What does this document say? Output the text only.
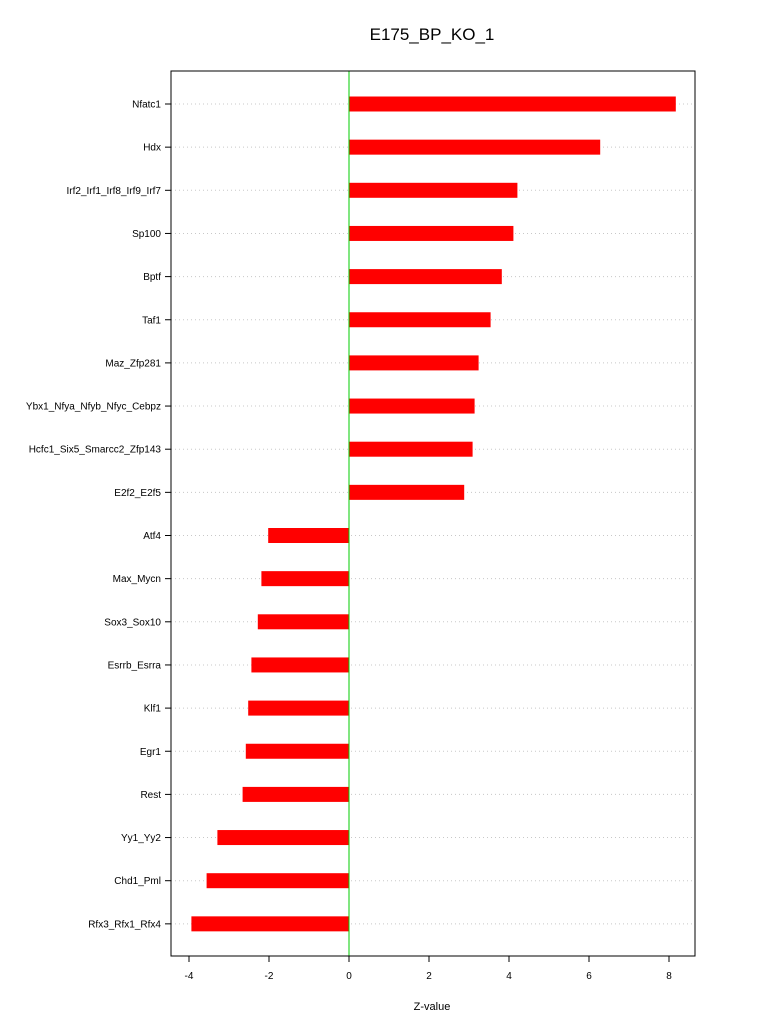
E175_BP_KO_1
Nfatc1
Hdx
Irf2_Irf1_Irf8_Irf9_Irf7
Sp100
Bptf
Taf1
Maz_Zfp281
Ybx1_Nfya_Nfyb_Nfyc_Cebpz
Hcfc1_Six5_Smarcc2_Zfp143
E2f2_E2f5
Atf4
Max_Mycn
Sox3_Sox10
Esrrb_Esrra
Klf1
Egr1
Rest
Yy1_Yy2
Chd1_Pml
Rfx3_Rfx1_Rfx4
-4	-2	0	2	4	6	8
Z-value
